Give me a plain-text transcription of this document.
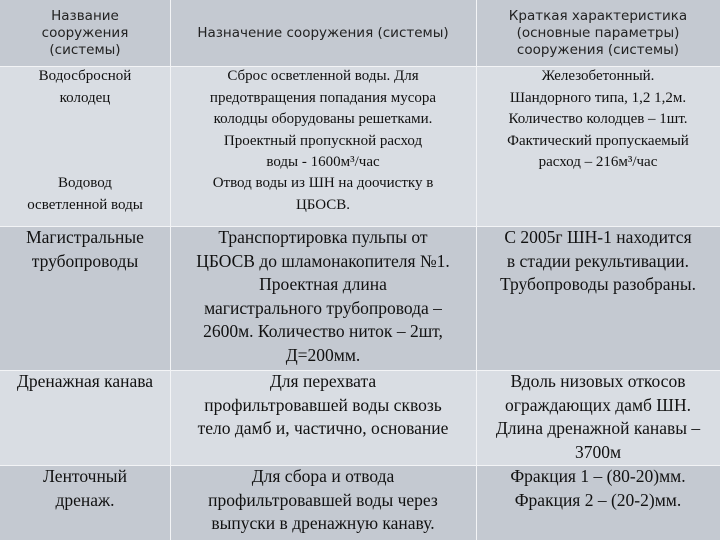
Название
сооружения
(системы)
Назначение сооружения (системы)
Краткая характеристика
(основные параметры)
сооружения (системы)
Водосбросной
колодец
Сброс осветленной воды. Для
предотвращения попадания мусора
колодцы оборудованы решетками.
Проектный пропускной расход
воды - 1600м³/час
Железобетонный.
Шандорного типа, 1,2 1,2м.
Количество колодцев – 1шт.
Фактический пропускаемый
расход – 216м³/час
Водовод
осветленной воды
Отвод воды из ШН на доочистку в
ЦБОСВ.
Магистральные
трубопроводы
Транспортировка пульпы от
ЦБОСВ до шламонакопителя №1.
Проектная длина
магистрального трубопровода –
2600м. Количество ниток – 2шт,
Д=200мм.
С 2005г ШН-1 находится
в стадии рекультивации.
Трубопроводы разобраны.
Дренажная канава	Для перехвата
профильтровавшей воды сквозь
тело дамб и, частично, основание
Вдоль низовых откосов
ограждающих дамб ШН.
Длина дренажной канавы –
3700м
Ленточный
дренаж.
Для сбора и отвода
профильтровавшей воды через
выпуски в дренажную канаву.
Фракция 1 – (80-20)мм.
Фракция 2 – (20-2)мм.
